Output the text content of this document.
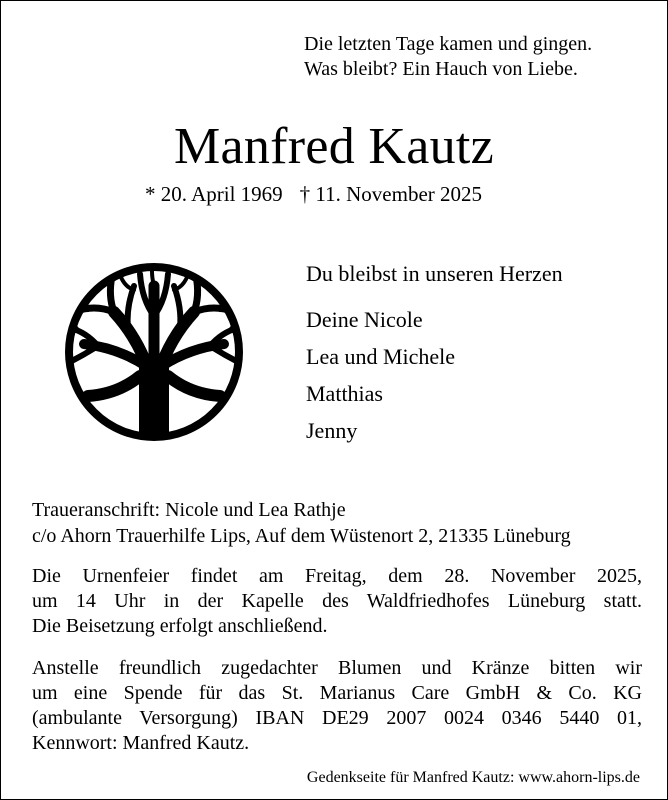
Die letzten Tage kamen und gingen.
Was bleibt? Ein Hauch von Liebe.
Manfred Kautz
* 20. April 1969 † 11. November 2025
Du bleibst in unseren Herzen
Deine Nicole
Lea und Michele
Matthias
Jenny
Traueranschrift: Nicole und Lea Rathje
c/o Ahorn Trauerhilfe Lips, Auf dem Wüstenort 2, 21335 Lüneburg
Die Urnenfeier findet am Freitag, dem 28. November 2025,
um 14 Uhr in der Kapelle des Waldfriedhofes Lüneburg statt.
Die Beisetzung erfolgt anschließend.
Anstelle freundlich zugedachter Blumen und Kränze bitten wir
um eine Spende für das St. Marianus Care GmbH & Co. KG
(ambulante Versorgung) IBAN DE29 2007 0024 0346 5440 01,
Kennwort: Manfred Kautz.
Gedenkseite für Manfred Kautz: www.ahorn-lips.de
